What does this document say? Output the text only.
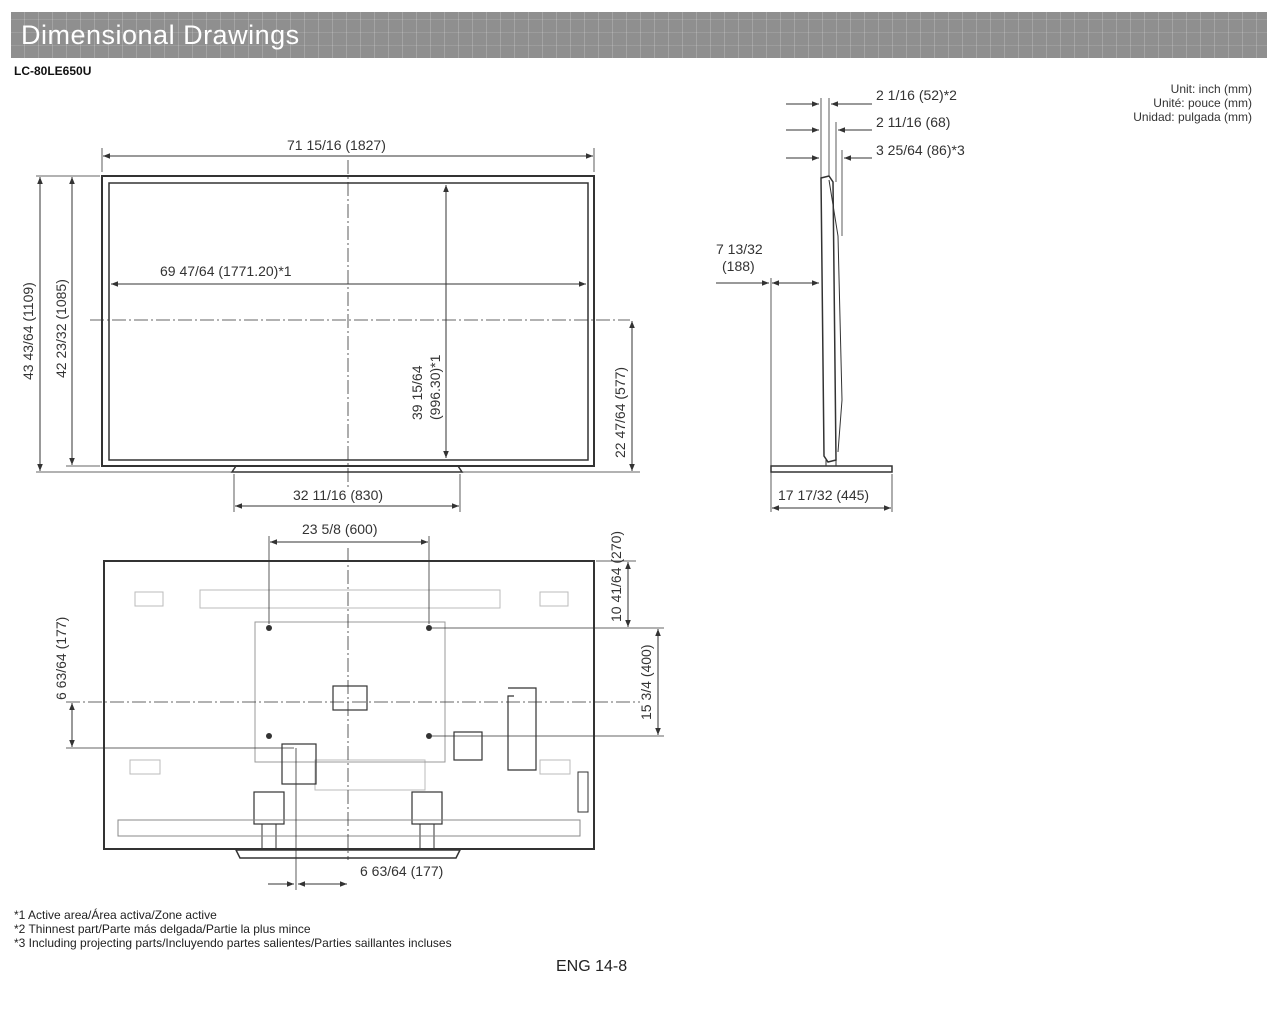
Dimensional Drawings
LC-80LE650U
Unit: inch (mm)
Unité: pouce (mm)
Unidad: pulgada (mm)
71 15/16 (1827)
69 47/64 (1771.20)*1
43 43/64 (1109) 42 23/32 (1085)
39 15/64 (996.30)*1	22 47/64 (577)
32 11/16 (830)
2 1/16 (52)*2
2 11/16 (68)
3 25/64 (86)*3
7 13/32
(188)
17 17/32 (445)
23 5/8 (600)
10 41/64 (270)
15 3/4 (400)
6 63/64 (177)
6 63/64 (177)
*1 Active area/Área activa/Zone active
*2 Thinnest part/Parte más delgada/Partie la plus mince
*3 Including projecting parts/Incluyendo partes salientes/Parties saillantes incluses
ENG 14-8
